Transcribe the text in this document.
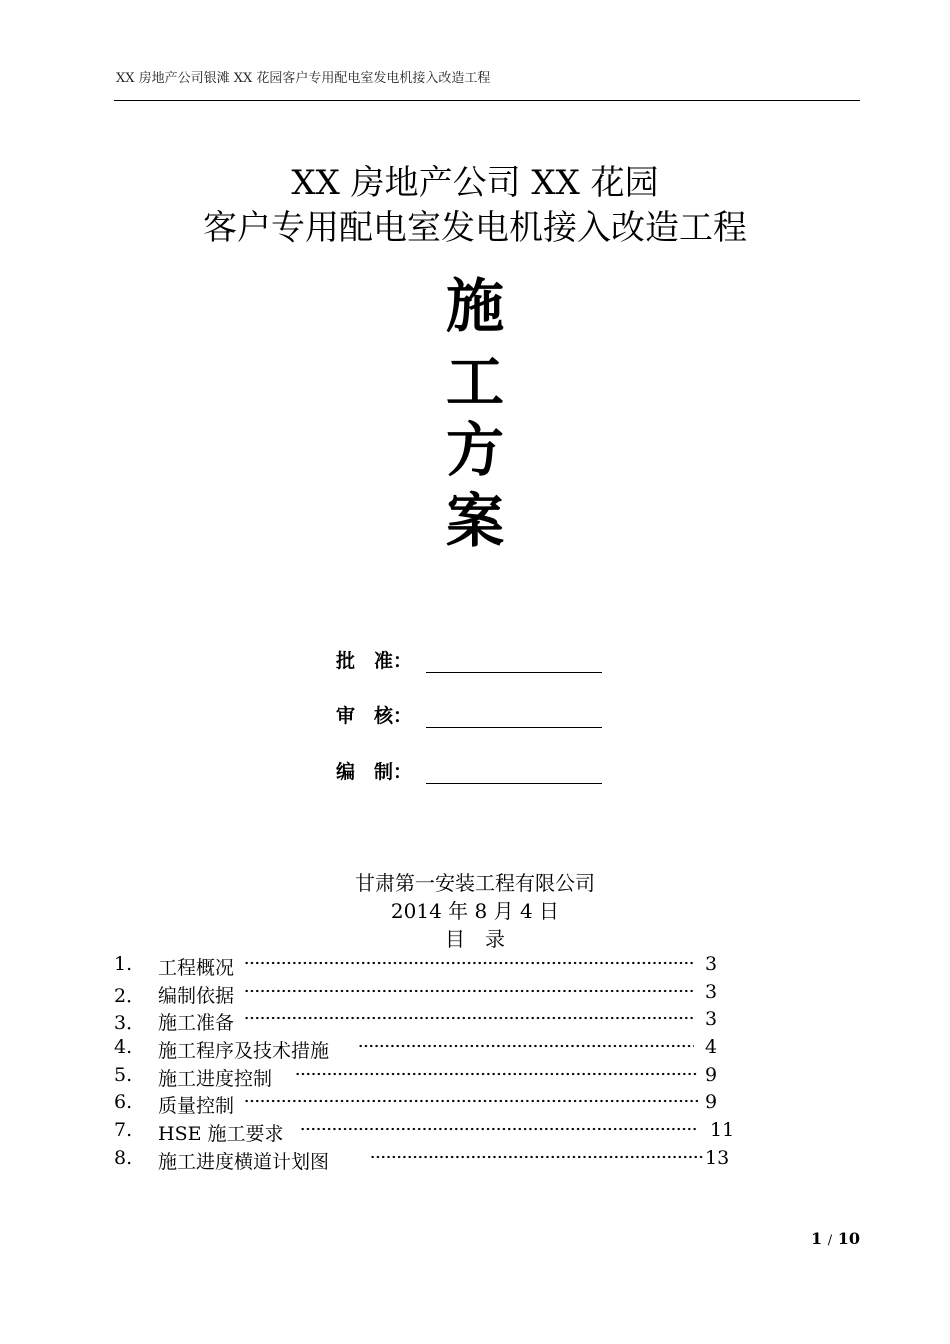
XX 房地产公司银滩 XX 花园客户专用配电室发电机接入改造工程
XX 房地产公司 XX 花园
客户专用配电室发电机接入改造工程
施
工
方
案
批　准：
审　核：
编　制：
甘肃第一安装工程有限公司
2014 年 8 月 4 日
目　录
1. 工程概况	3
2． 编制依据	3
3． 施工准备	3
4. 施工程序及技术措施	4
5. 施工进度控制	9
6. 质量控制	9
7. HSE 施工要求	11
8. 施工进度横道计划图	13
1 / 10
